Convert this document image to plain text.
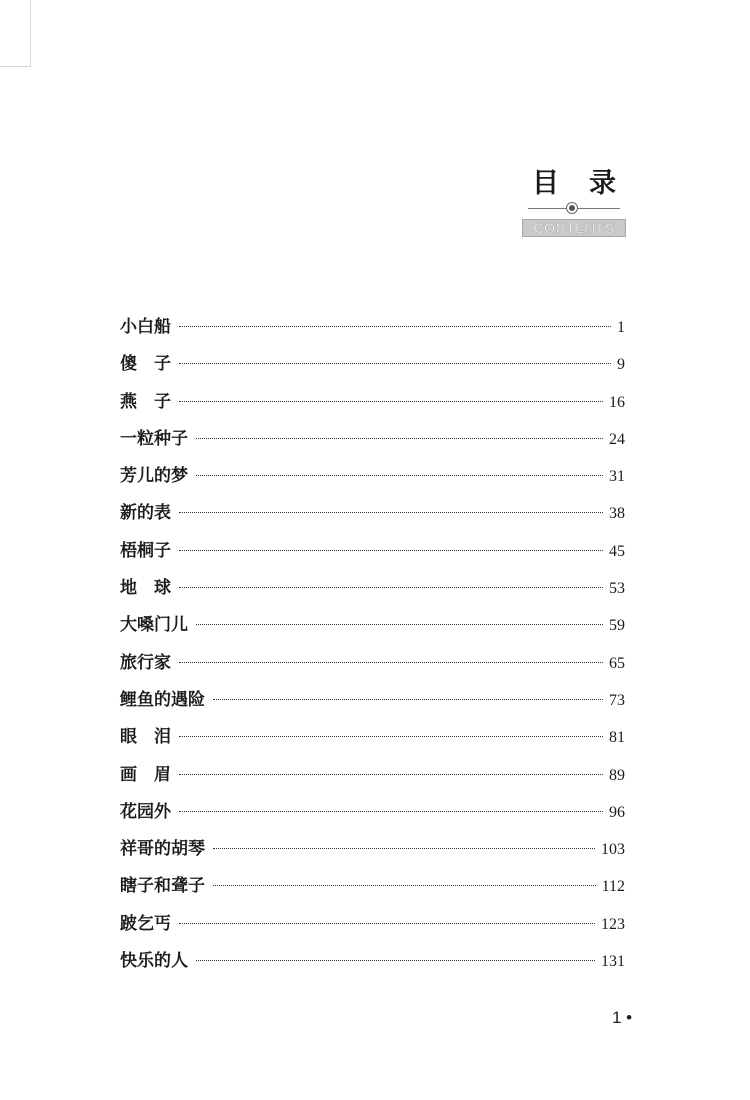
目 录
CONTENTS
小白船	1
傻　子	9
燕　子	16
一粒种子	24
芳儿的梦	31
新的表	38
梧桐子	45
地　球	53
大嗓门儿	59
旅行家	65
鲤鱼的遇险	73
眼　泪	81
画　眉	89
花园外	96
祥哥的胡琴	103
瞎子和聋子	112
跛乞丐	123
快乐的人	131
1 •
